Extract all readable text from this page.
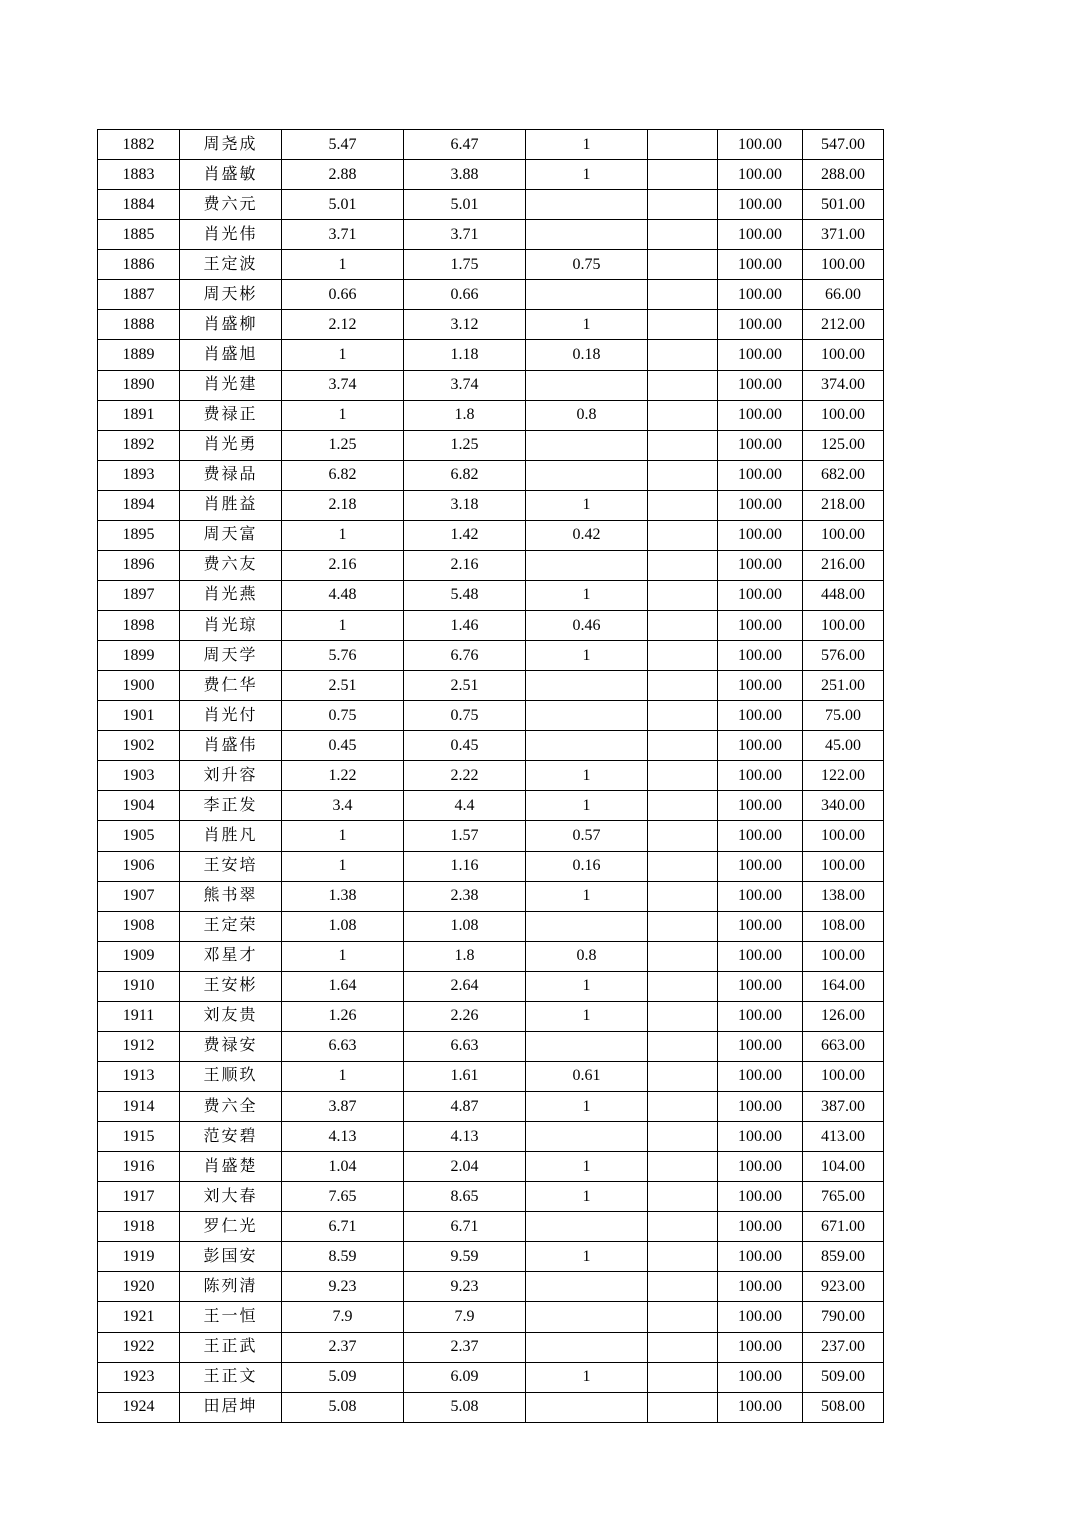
1882	周尧成	5.47	6.47	1		100.00	547.00
1883	肖盛敏	2.88	3.88	1		100.00	288.00
1884	费六元	5.01	5.01			100.00	501.00
1885	肖光伟	3.71	3.71			100.00	371.00
1886	王定波	1	1.75	0.75		100.00	100.00
1887	周天彬	0.66	0.66			100.00	66.00
1888	肖盛柳	2.12	3.12	1		100.00	212.00
1889	肖盛旭	1	1.18	0.18		100.00	100.00
1890	肖光建	3.74	3.74			100.00	374.00
1891	费禄正	1	1.8	0.8		100.00	100.00
1892	肖光勇	1.25	1.25			100.00	125.00
1893	费禄品	6.82	6.82			100.00	682.00
1894	肖胜益	2.18	3.18	1		100.00	218.00
1895	周天富	1	1.42	0.42		100.00	100.00
1896	费六友	2.16	2.16			100.00	216.00
1897	肖光燕	4.48	5.48	1		100.00	448.00
1898	肖光琼	1	1.46	0.46		100.00	100.00
1899	周天学	5.76	6.76	1		100.00	576.00
1900	费仁华	2.51	2.51			100.00	251.00
1901	肖光付	0.75	0.75			100.00	75.00
1902	肖盛伟	0.45	0.45			100.00	45.00
1903	刘升容	1.22	2.22	1		100.00	122.00
1904	李正发	3.4	4.4	1		100.00	340.00
1905	肖胜凡	1	1.57	0.57		100.00	100.00
1906	王安培	1	1.16	0.16		100.00	100.00
1907	熊书翠	1.38	2.38	1		100.00	138.00
1908	王定荣	1.08	1.08			100.00	108.00
1909	邓星才	1	1.8	0.8		100.00	100.00
1910	王安彬	1.64	2.64	1		100.00	164.00
1911	刘友贵	1.26	2.26	1		100.00	126.00
1912	费禄安	6.63	6.63			100.00	663.00
1913	王顺玖	1	1.61	0.61		100.00	100.00
1914	费六全	3.87	4.87	1		100.00	387.00
1915	范安碧	4.13	4.13			100.00	413.00
1916	肖盛楚	1.04	2.04	1		100.00	104.00
1917	刘大春	7.65	8.65	1		100.00	765.00
1918	罗仁光	6.71	6.71			100.00	671.00
1919	彭国安	8.59	9.59	1		100.00	859.00
1920	陈列清	9.23	9.23			100.00	923.00
1921	王一恒	7.9	7.9			100.00	790.00
1922	王正武	2.37	2.37			100.00	237.00
1923	王正文	5.09	6.09	1		100.00	509.00
1924	田居坤	5.08	5.08			100.00	508.00
